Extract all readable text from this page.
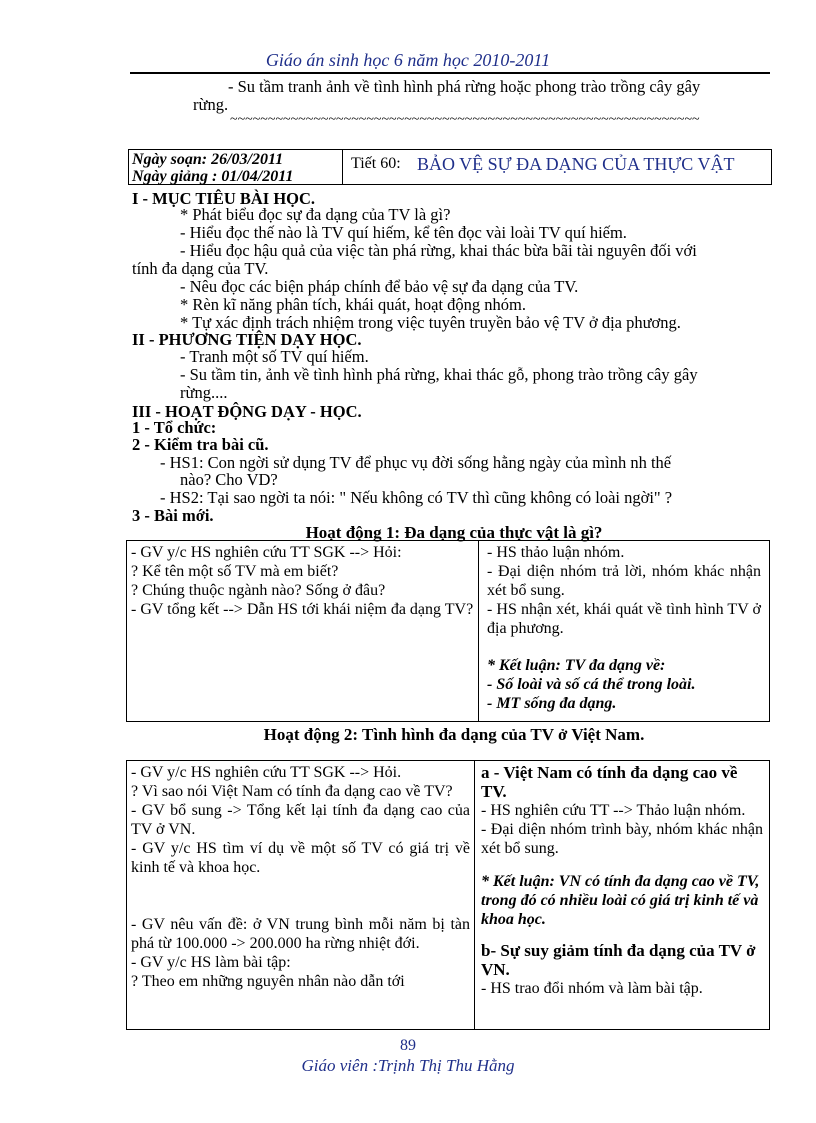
Giáo án sinh học 6 năm học 2010-2011
- Su tầm tranh ảnh về tình hình phá rừng hoặc phong trào trồng cây gây
rừng.
~~~~~~~~~~~~~~~~~~~~~~~~~~~~~~~~~~~~~~~~~~~~~~~~~~~~~~~~~~~~~~
Ngày soạn: 26/03/2011
Ngày giảng : 01/04/2011
Tiết 60: BẢO VỆ SỰ ĐA DẠNG CỦA THỰC VẬT
I - MỤC TIÊU BÀI HỌC.
* Phát biểu đọc sự đa dạng của TV là gì?
- Hiểu đọc thế nào là TV quí hiếm, kể tên đọc vài loài TV quí hiếm.
- Hiểu đọc hậu quả của việc tàn phá rừng, khai thác bừa bãi tài nguyên đối với
tính đa dạng của TV.
- Nêu đọc các biện pháp chính để bảo vệ sự đa dạng của TV.
* Rèn kĩ năng phân tích, khái quát, hoạt động nhóm.
* Tự xác định trách nhiệm trong việc tuyên truyền bảo vệ TV ở địa phương.
II - PHƯƠNG TIỆN DẠY HỌC.
- Tranh một số TV quí hiếm.
- Su tầm tin, ảnh về tình hình phá rừng, khai thác gỗ, phong trào trồng cây gây
rừng....
III - HOẠT ĐỘNG DẠY - HỌC.
1 - Tổ chức:
2 - Kiểm tra bài cũ.
- HS1: Con ngời sử dụng TV để phục vụ đời sống hằng ngày của mình nh thế
nào? Cho VD?
- HS2: Tại sao ngời ta nói: " Nếu không có TV thì cũng không có loài ngời" ?
3 - Bài mới.
Hoạt động 1: Đa dạng của thực vật là gì?
- GV y/c HS nghiên cứu TT SGK --> Hỏi:
? Kể tên một số TV mà em biết?
? Chúng thuộc ngành nào? Sống ở đâu?
- GV tổng kết --> Dẫn HS tới khái niệm đa dạng TV?
- HS thảo luận nhóm.
- Đại diện nhóm trả lời, nhóm khác nhận xét bổ sung.
- HS nhận xét, khái quát về tình hình TV ở địa phương.
* Kết luận: TV đa dạng về:
- Số loài và số cá thể trong loài.
- MT sống đa dạng.
Hoạt động 2: Tình hình đa dạng của TV ở Việt Nam.
- GV y/c HS nghiên cứu TT SGK --> Hỏi.
? Vì sao nói Việt Nam có tính đa dạng cao về TV?
- GV bổ sung -> Tổng kết lại tính đa dạng cao của TV ở VN.
- GV y/c HS tìm ví dụ về một số TV có giá trị về kinh tế và khoa học.
- GV nêu vấn đề: ở VN trung bình mỗi năm bị tàn phá từ 100.000 -> 200.000 ha rừng nhiệt đới.
- GV y/c HS làm bài tập:
? Theo em những nguyên nhân nào dẫn tới
a - Việt Nam có tính đa dạng cao về TV.
- HS nghiên cứu TT --> Thảo luận nhóm.
- Đại diện nhóm trình bày, nhóm khác nhận xét bổ sung.
* Kết luận: VN có tính đa dạng cao về TV, trong đó có nhiều loài có giá trị kinh tế và khoa học.
b- Sự suy giảm tính đa dạng của TV ở VN.
- HS trao đổi nhóm và làm bài tập.
89
Giáo viên :Trịnh Thị Thu Hằng
